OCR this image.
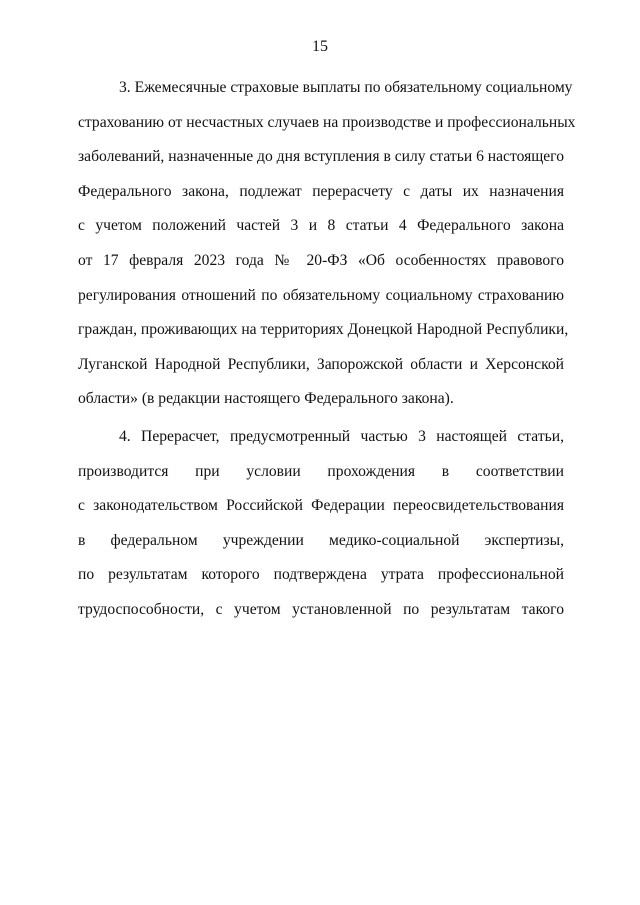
15
3. Ежемесячные страховые выплаты по обязательному социальному
страхованию от несчастных случаев на производстве и профессиональных
заболеваний, назначенные до дня вступления в силу статьи 6 настоящего
Федерального закона, подлежат перерасчету с даты их назначения
с учетом положений частей 3 и 8 статьи 4 Федерального закона
от 17 февраля 2023 года № 20-ФЗ «Об особенностях правового
регулирования отношений по обязательному социальному страхованию
граждан, проживающих на территориях Донецкой Народной Республики,
Луганской Народной Республики, Запорожской области и Херсонской
области» (в редакции настоящего Федерального закона).
4. Перерасчет, предусмотренный частью 3 настоящей статьи,
производится при условии прохождения в соответствии
с законодательством Российской Федерации переосвидетельствования
в федеральном учреждении медико-социальной экспертизы,
по результатам которого подтверждена утрата профессиональной
трудоспособности, с учетом установленной по результатам такого
